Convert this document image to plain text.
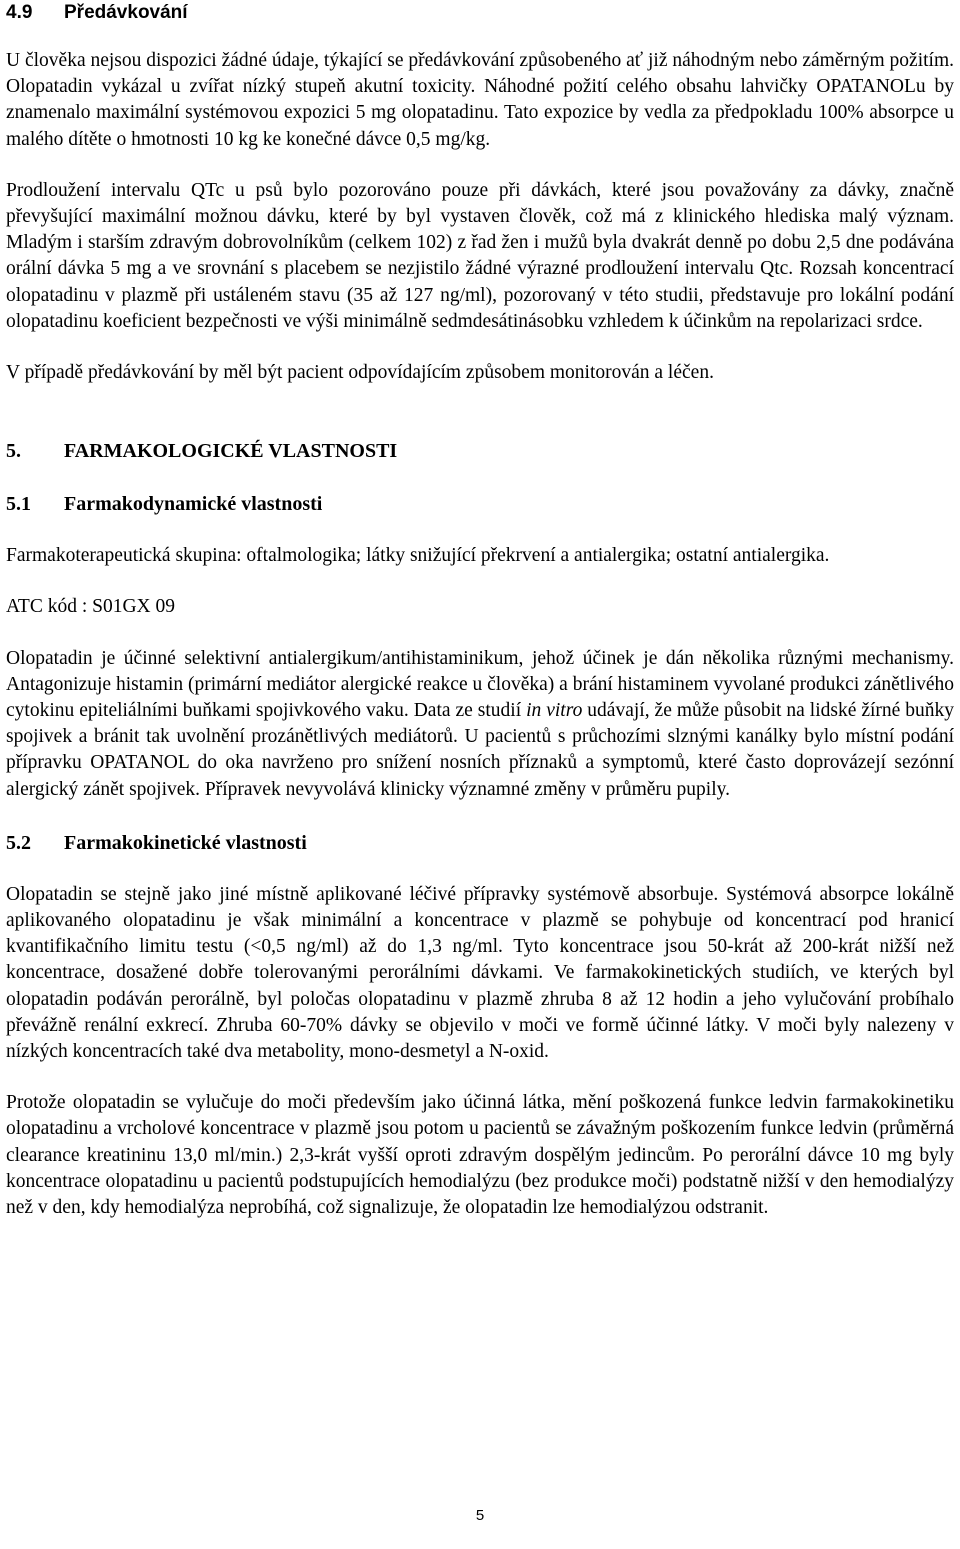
4.9 Předávkování

U člověka nejsou dispozici žádné údaje, týkající se předávkování způsobeného ať již náhodným nebo záměrným požitím. Olopatadin vykázal u zvířat nízký stupeň akutní toxicity. Náhodné požití celého obsahu lahvičky OPATANOLu by znamenalo maximální systémovou expozici 5 mg olopatadinu. Tato expozice by vedla za předpokladu 100% absorpce u malého dítěte o hmotnosti 10 kg ke konečné dávce 0,5 mg/kg.

Prodloužení intervalu QTc u psů bylo pozorováno pouze při dávkách, které jsou považovány za dávky, značně převyšující maximální možnou dávku, které by byl vystaven člověk, což má z klinického hlediska malý význam. Mladým i starším zdravým dobrovolníkům (celkem 102) z řad žen i mužů byla dvakrát denně po dobu 2,5 dne podávána orální dávka 5 mg a ve srovnání s placebem se nezjistilo žádné výrazné prodloužení intervalu Qtc. Rozsah koncentrací olopatadinu v plazmě při ustáleném stavu (35 až 127 ng/ml), pozorovaný v této studii, představuje pro lokální podání olopatadinu koeficient bezpečnosti ve výši minimálně sedmdesátinásobku vzhledem k účinkům na repolarizaci srdce.

V případě předávkování by měl být pacient odpovídajícím způsobem monitorován a léčen.

5. FARMAKOLOGICKÉ VLASTNOSTI
5.1 Farmakodynamické vlastnosti

Farmakoterapeutická skupina: oftalmologika; látky snižující překrvení a antialergika; ostatní antialergika.

ATC kód : S01GX 09

Olopatadin je účinné selektivní antialergikum/antihistaminikum, jehož účinek je dán několika různými mechanismy. Antagonizuje histamin (primární mediátor alergické reakce u člověka) a brání histaminem vyvolané produkci zánětlivého cytokinu epiteliálními buňkami spojivkového vaku. Data ze studií in vitro udávají, že může působit na lidské žírné buňky spojivek a bránit tak uvolnění prozánětlivých mediátorů. U pacientů s průchozími slznými kanálky bylo místní podání přípravku OPATANOL do oka navrženo pro snížení nosních příznaků a symptomů, které často doprovázejí sezónní alergický zánět spojivek. Přípravek nevyvolává klinicky významné změny v průměru pupily.

5.2 Farmakokinetické vlastnosti

Olopatadin se stejně jako jiné místně aplikované léčivé přípravky systémově absorbuje. Systémová absorpce lokálně aplikovaného olopatadinu je však minimální a koncentrace v plazmě se pohybuje od koncentrací pod hranicí kvantifikačního limitu testu (<0,5 ng/ml) až do 1,3 ng/ml. Tyto koncentrace jsou 50-krát až 200-krát nižší než koncentrace, dosažené dobře tolerovanými perorálními dávkami. Ve farmakokinetických studiích, ve kterých byl olopatadin podáván perorálně, byl poločas olopatadinu v plazmě zhruba 8 až 12 hodin a jeho vylučování probíhalo převážně renální exkrecí. Zhruba 60-70% dávky se objevilo v moči ve formě účinné látky. V moči byly nalezeny v nízkých koncentracích také dva metabolity, mono-desmetyl a N-oxid.

Protože olopatadin se vylučuje do moči především jako účinná látka, mění poškozená funkce ledvin farmakokinetiku olopatadinu a vrcholové koncentrace v plazmě jsou potom u pacientů se závažným poškozením funkce ledvin (průměrná clearance kreatininu 13,0 ml/min.) 2,3-krát vyšší oproti zdravým dospělým jedincům. Po perorální dávce 10 mg byly koncentrace olopatadinu u pacientů podstupujících hemodialýzu (bez produkce moči) podstatně nižší v den hemodialýzy než v den, kdy hemodialýza neprobíhá, což signalizuje, že olopatadin lze hemodialýzou odstranit.

5
